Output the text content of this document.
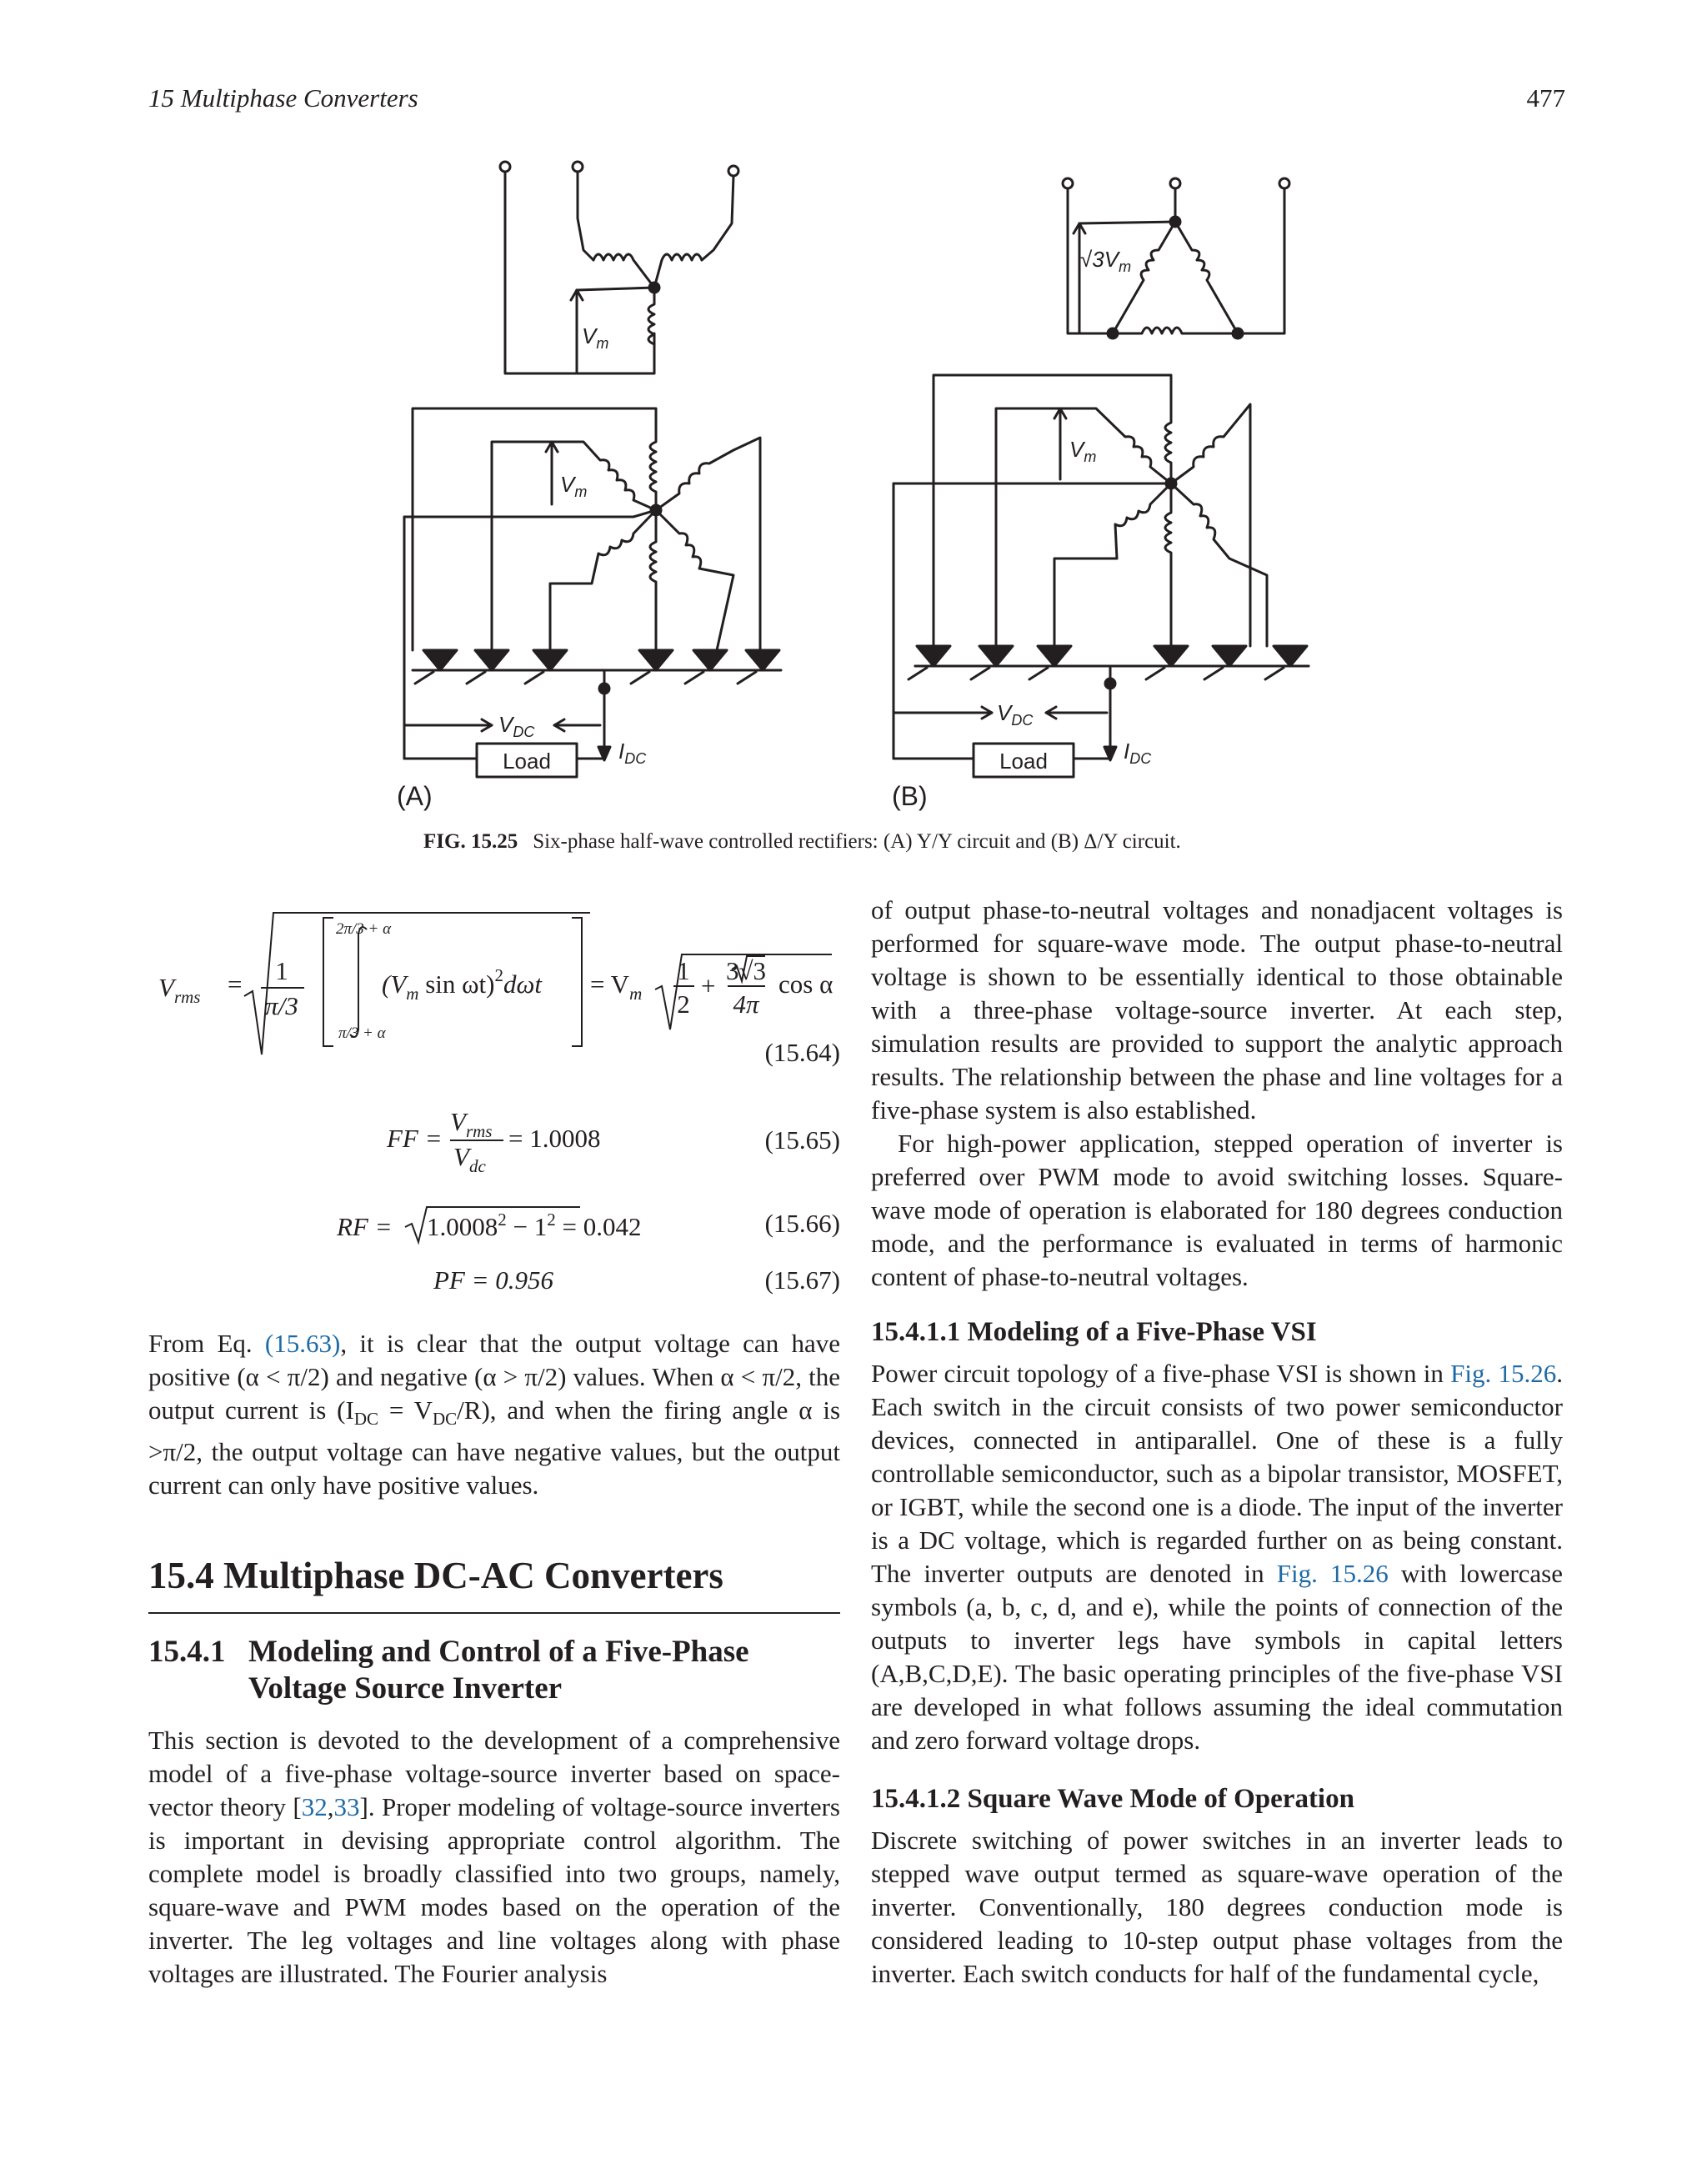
15 Multiphase Converters	477
$V_m$
$V_m$
$V_m$
$√3V_m$
$V_{DC}$
$V_{DC}$
$I_{DC}$	$I_{DC}$
Load	Load
(A)	(B)
FIG. 15.25 Six-phase half-wave controlled rectifiers: (A) Y/Y circuit and (B) Δ/Y circuit.
$V_{rms} = 1$
π/3
2π/3 + α
π/3 + α
($V_m$ $\sin \omega t)^2d\omega t = V_m$
1
2
+
3√3
4π
cos α
(15.64)
FF =
$V_{rms}$
$V_{dc}$
= 1.0008	(15.65)
RF = $1.0008^2 - 1^2 = 0.042$	(15.66)
PF = 0.956	(15.67)

From Eq. (15.63), it is clear that the output voltage can have positive (α < π/2) and negative (α > π/2) values. When α < π/2, the output current is $(I_{DC} = V_{DC}/R)$, and when the firing angle α is >π/2, the output voltage can have negative values, but the output current can only have positive values.

15.4 Multiphase DC-AC Converters
15.4.1 Modeling and Control of a Five-Phase Voltage Source Inverter

This section is devoted to the development of a comprehensive model of a five-phase voltage-source inverter based on space-vector theory [32,33]. Proper modeling of voltage-source inverters is important in devising appropriate control algorithm. The complete model is broadly classified into two groups, namely, square-wave and PWM modes based on the operation of the inverter. The leg voltages and line voltages along with phase voltages are illustrated. The Fourier analysis

of output phase-to-neutral voltages and nonadjacent voltages is performed for square-wave mode. The output phase-to-neutral voltage is shown to be essentially identical to those obtainable with a three-phase voltage-source inverter. At each step, simulation results are provided to support the analytic approach results. The relationship between the phase and line voltages for a five-phase system is also established.

For high-power application, stepped operation of inverter is preferred over PWM mode to avoid switching losses. Square-wave mode of operation is elaborated for 180 degrees conduction mode, and the performance is evaluated in terms of harmonic content of phase-to-neutral voltages.

15.4.1.1 Modeling of a Five-Phase VSI

Power circuit topology of a five-phase VSI is shown in Fig. 15.26. Each switch in the circuit consists of two power semiconductor devices, connected in antiparallel. One of these is a fully controllable semiconductor, such as a bipolar transistor, MOSFET, or IGBT, while the second one is a diode. The input of the inverter is a DC voltage, which is regarded further on as being constant. The inverter outputs are denoted in Fig. 15.26 with lowercase symbols (a, b, c, d, and e), while the points of connection of the outputs to inverter legs have symbols in capital letters (A,B,C,D,E). The basic operating principles of the five-phase VSI are developed in what follows assuming the ideal commutation and zero forward voltage drops.

15.4.1.2 Square Wave Mode of Operation

Discrete switching of power switches in an inverter leads to stepped wave output termed as square-wave operation of the inverter. Conventionally, 180 degrees conduction mode is considered leading to 10-step output phase voltages from the inverter. Each switch conducts for half of the fundamental cycle,
